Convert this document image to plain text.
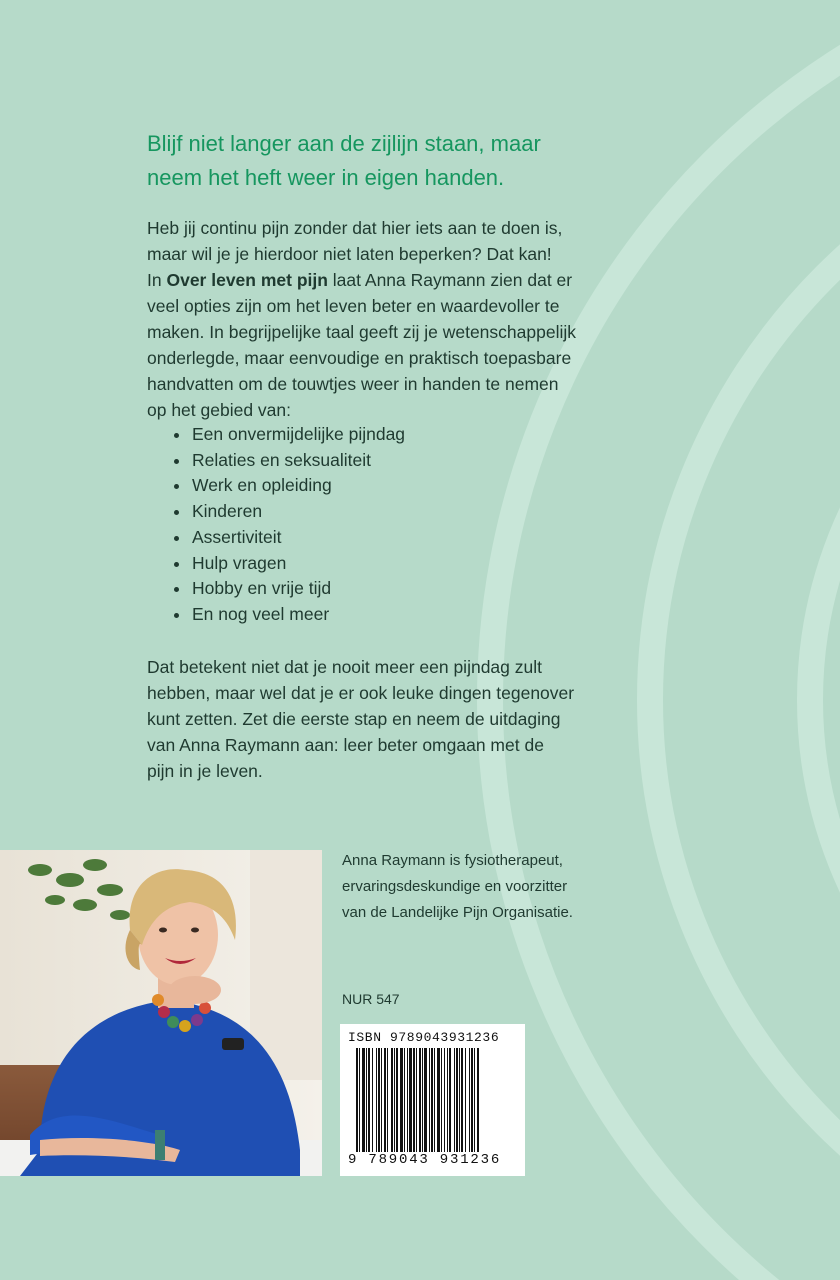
Blijf niet langer aan de zijlijn staan, maar
neem het heft weer in eigen handen.
Heb jij continu pijn zonder dat hier iets aan te doen is,
maar wil je je hierdoor niet laten beperken? Dat kan!
In Over leven met pijn laat Anna Raymann zien dat er
veel opties zijn om het leven beter en waardevoller te
maken. In begrijpelijke taal geeft zij je wetenschappelijk
onderlegde, maar eenvoudige en praktisch toepasbare
handvatten om de touwtjes weer in handen te nemen
op het gebied van:
Een onvermijdelijke pijndag
Relaties en seksualiteit
Werk en opleiding
Kinderen
Assertiviteit
Hulp vragen
Hobby en vrije tijd
En nog veel meer
Dat betekent niet dat je nooit meer een pijndag zult
hebben, maar wel dat je er ook leuke dingen tegenover
kunt zetten. Zet die eerste stap en neem de uitdaging
van Anna Raymann aan: leer beter omgaan met de
pijn in je leven.
Anna Raymann is fysiotherapeut,
ervaringsdeskundige en voorzitter
van de Landelijke Pijn Organisatie.
NUR 547
ISBN 9789043931236
9 789043 931236
